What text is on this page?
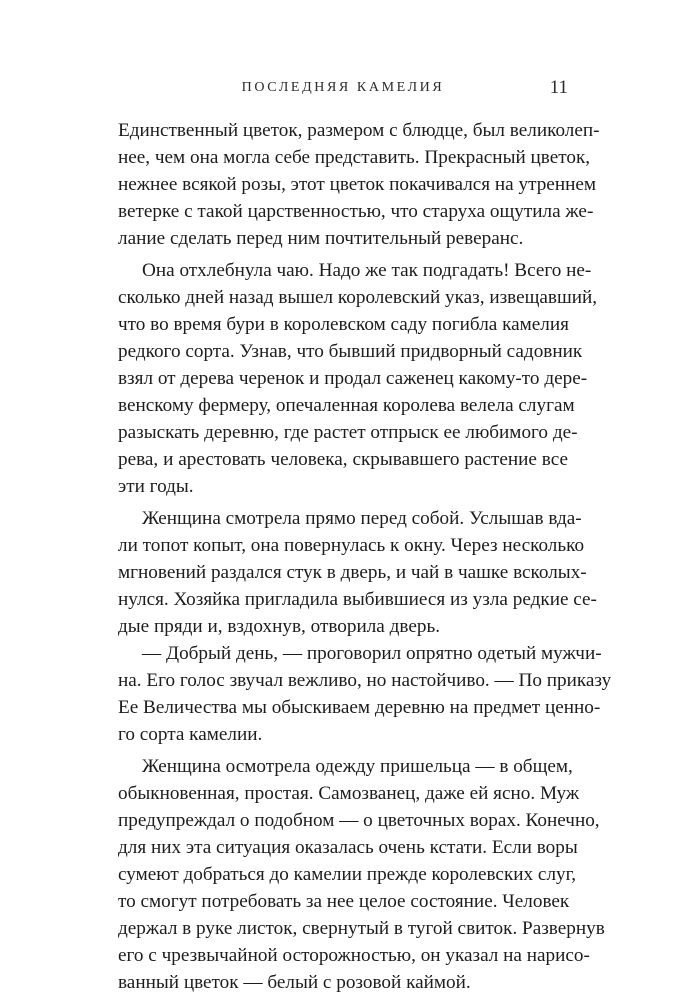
ПОСЛЕДНЯЯ КАМЕЛИЯ	11
Единственный цветок, размером с блюдце, был великолеп-
нее, чем она могла себе представить. Прекрасный цветок,
нежнее всякой розы, этот цветок покачивался на утреннем
ветерке с такой царственностью, что старуха ощутила же-
лание сделать перед ним почтительный реверанс.
Она отхлебнула чаю. Надо же так подгадать! Всего не-
сколько дней назад вышел королевский указ, извещавший,
что во время бури в королевском саду погибла камелия
редкого сорта. Узнав, что бывший придворный садовник
взял от дерева черенок и продал саженец какому-то дере-
венскому фермеру, опечаленная королева велела слугам
разыскать деревню, где растет отпрыск ее любимого де-
рева, и арестовать человека, скрывавшего растение все
эти годы.
Женщина смотрела прямо перед собой. Услышав вда-
ли топот копыт, она повернулась к окну. Через несколько
мгновений раздался стук в дверь, и чай в чашке всколых-
нулся. Хозяйка пригладила выбившиеся из узла редкие се-
дые пряди и, вздохнув, отворила дверь.
— Добрый день, — проговорил опрятно одетый мужчи-
на. Его голос звучал вежливо, но настойчиво. — По приказу
Ее Величества мы обыскиваем деревню на предмет ценно-
го сорта камелии.
Женщина осмотрела одежду пришельца — в общем,
обыкновенная, простая. Самозванец, даже ей ясно. Муж
предупреждал о подобном — о цветочных ворах. Конечно,
для них эта ситуация оказалась очень кстати. Если воры
сумеют добраться до камелии прежде королевских слуг,
то смогут потребовать за нее целое состояние. Человек
держал в руке листок, свернутый в тугой свиток. Развернув
его с чрезвычайной осторожностью, он указал на нарисо-
ванный цветок — белый с розовой каймой.
